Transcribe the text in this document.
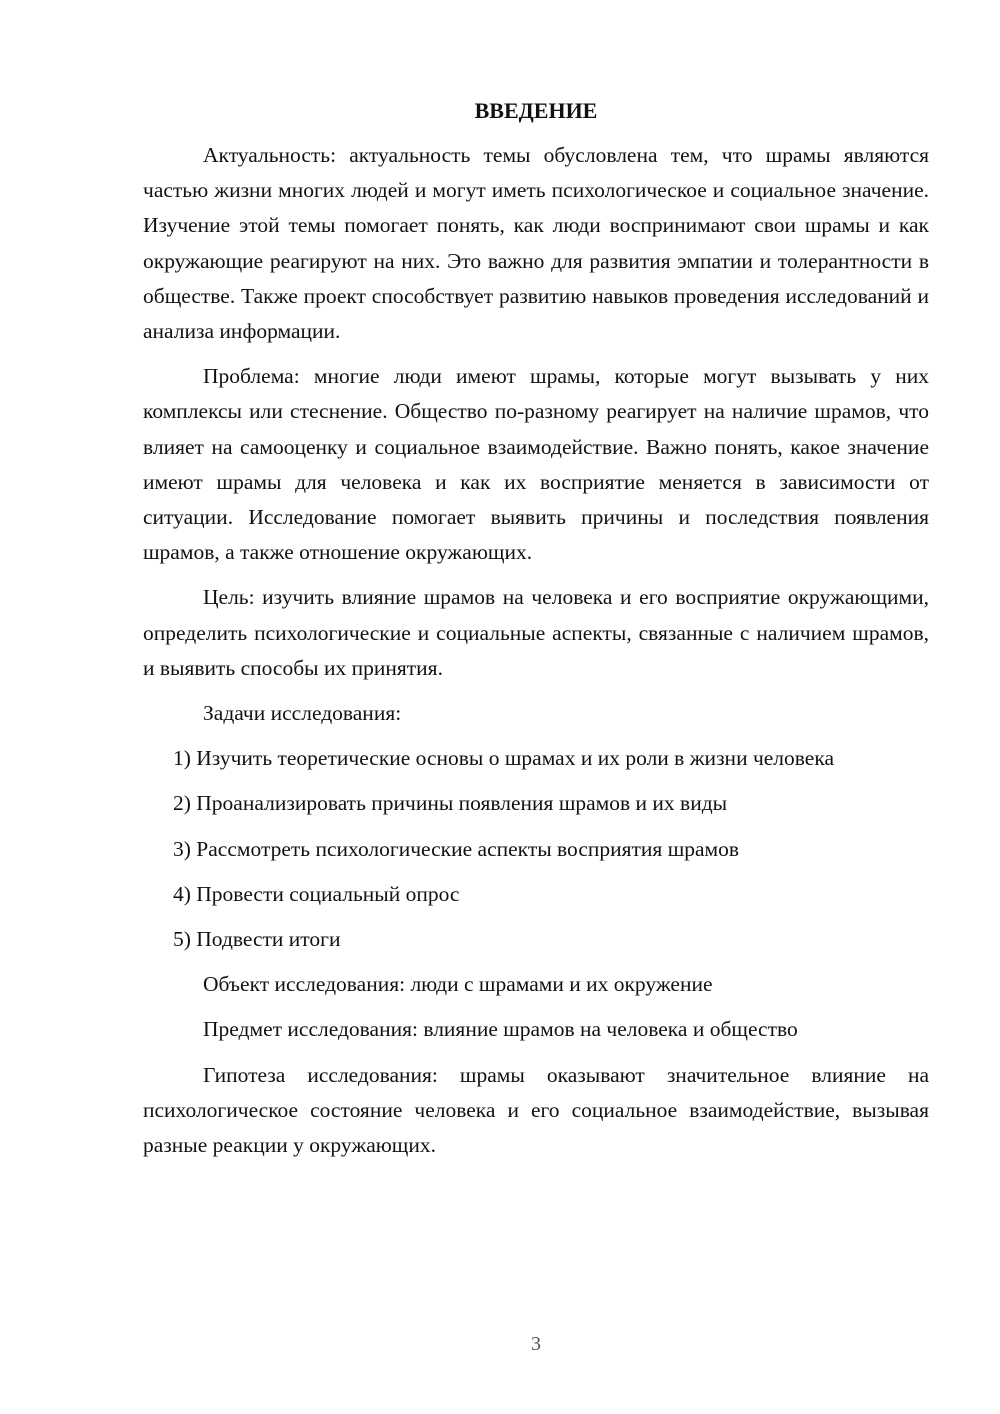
ВВЕДЕНИЕ

Актуальность: актуальность темы обусловлена тем, что шрамы являются частью жизни многих людей и могут иметь психологическое и социальное значение. Изучение этой темы помогает понять, как люди воспринимают свои шрамы и как окружающие реагируют на них. Это важно для развития эмпатии и толерантности в обществе. Также проект способствует развитию навыков проведения исследований и анализа информации.

Проблема: многие люди имеют шрамы, которые могут вызывать у них комплексы или стеснение. Общество по-разному реагирует на наличие шрамов, что влияет на самооценку и социальное взаимодействие. Важно понять, какое значение имеют шрамы для человека и как их восприятие меняется в зависимости от ситуации. Исследование помогает выявить причины и последствия появления шрамов, а также отношение окружающих.

Цель: изучить влияние шрамов на человека и его восприятие окружающими, определить психологические и социальные аспекты, связанные с наличием шрамов, и выявить способы их принятия.

Задачи исследования:

1) Изучить теоретические основы о шрамах и их роли в жизни человека

2) Проанализировать причины появления шрамов и их виды

3) Рассмотреть психологические аспекты восприятия шрамов

4) Провести социальный опрос

5) Подвести итоги

Объект исследования: люди с шрамами и их окружение

Предмет исследования: влияние шрамов на человека и общество

Гипотеза исследования: шрамы оказывают значительное влияние на психологическое состояние человека и его социальное взаимодействие, вызывая разные реакции у окружающих.

3
